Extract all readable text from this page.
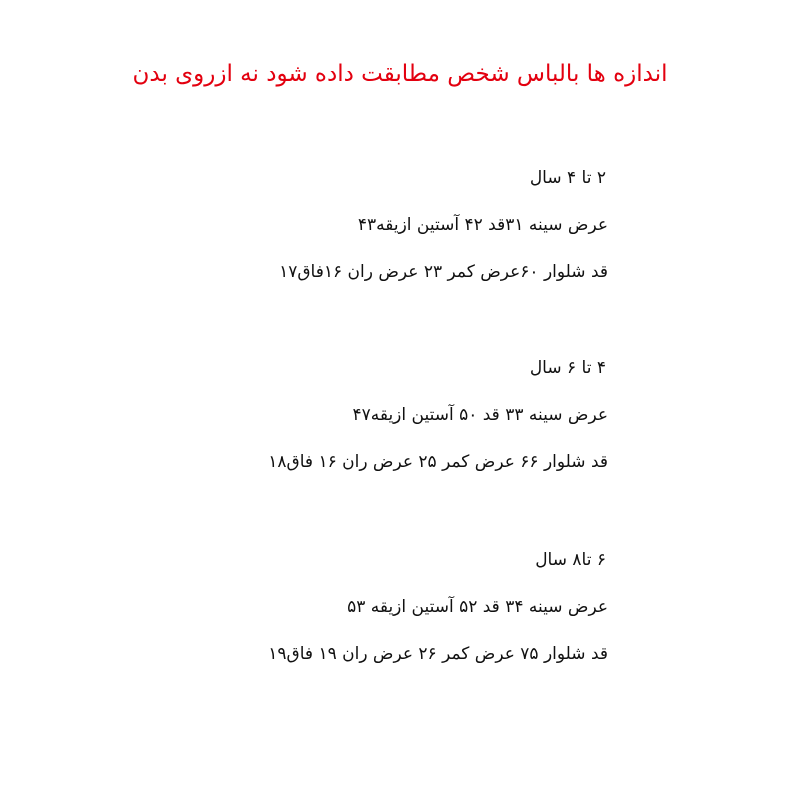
اندازه ها بالباس شخص مطابقت داده شود نه ازروی بدن
۲ تا ۴ سال
عرض سینه ۳۱قد ۴۲ آستین ازیقه۴۳
قد شلوار ۶۰عرض کمر ۲۳ عرض ران ۱۶فاق۱۷
۴ تا ۶ سال
عرض سینه ۳۳ قد ۵۰ آستین ازیقه۴۷
قد شلوار ۶۶ عرض کمر ۲۵ عرض ران ۱۶ فاق۱۸
۶ تا۸ سال
عرض سینه ۳۴ قد ۵۲ آستین ازیقه ۵۳
قد شلوار ۷۵ عرض کمر ۲۶ عرض ران ۱۹ فاق۱۹
